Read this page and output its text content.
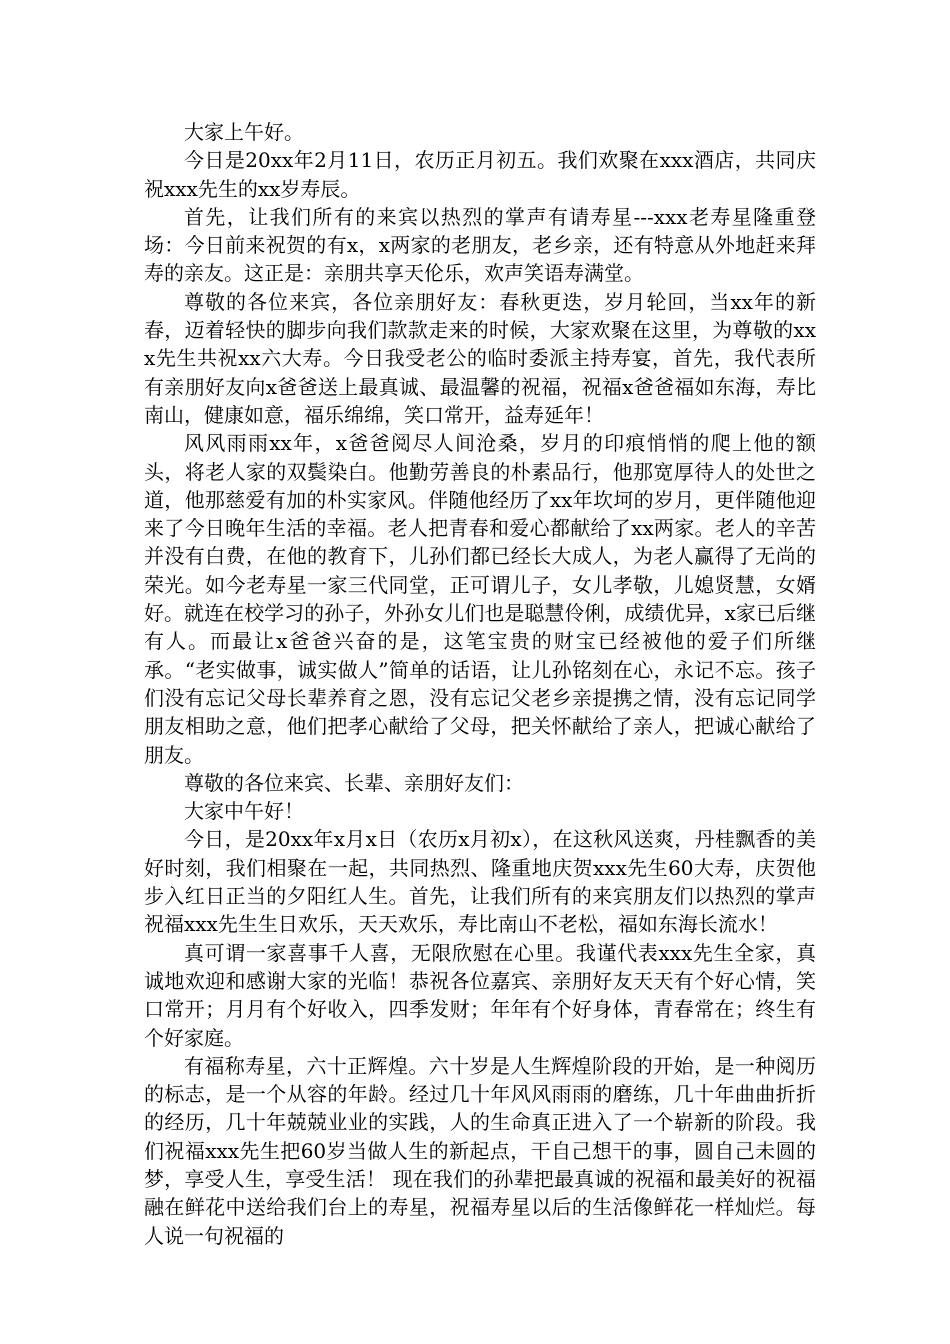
大家上午好。

今日是20xx年2月11日，农历正月初五。我们欢聚在xxx酒店，共同庆祝xxx先生的xx岁寿辰。

首先，让我们所有的来宾以热烈的掌声有请寿星---xxx老寿星隆重登场：今日前来祝贺的有x，x两家的老朋友，老乡亲，还有特意从外地赶来拜寿的亲友。这正是：亲朋共享天伦乐，欢声笑语寿满堂。

尊敬的各位来宾，各位亲朋好友：春秋更迭，岁月轮回，当xx年的新春，迈着轻快的脚步向我们款款走来的时候，大家欢聚在这里，为尊敬的xxx先生共祝xx六大寿。今日我受老公的临时委派主持寿宴，首先，我代表所有亲朋好友向x爸爸送上最真诚、最温馨的祝福，祝福x爸爸福如东海，寿比南山，健康如意，福乐绵绵，笑口常开，益寿延年！

风风雨雨xx年，x爸爸阅尽人间沧桑，岁月的印痕悄悄的爬上他的额头，将老人家的双鬓染白。他勤劳善良的朴素品行，他那宽厚待人的处世之道，他那慈爱有加的朴实家风。伴随他经历了xx年坎坷的岁月，更伴随他迎来了今日晚年生活的幸福。老人把青春和爱心都献给了xx两家。老人的辛苦并没有白费，在他的教育下，儿孙们都已经长大成人，为老人赢得了无尚的荣光。如今老寿星一家三代同堂，正可谓儿子，女儿孝敬，儿媳贤慧，女婿好。就连在校学习的孙子，外孙女儿们也是聪慧伶俐，成绩优异，x家已后继有人。而最让x爸爸兴奋的是，这笔宝贵的财宝已经被他的爱子们所继承。“老实做事，诚实做人”简单的话语，让儿孙铭刻在心，永记不忘。孩子们没有忘记父母长辈养育之恩，没有忘记父老乡亲提携之情，没有忘记同学朋友相助之意，他们把孝心献给了父母，把关怀献给了亲人，把诚心献给了朋友。

尊敬的各位来宾、长辈、亲朋好友们：

大家中午好！

今日，是20xx年x月x日（农历x月初x），在这秋风送爽，丹桂飘香的美好时刻，我们相聚在一起，共同热烈、隆重地庆贺xxx先生60大寿，庆贺他步入红日正当的夕阳红人生。首先，让我们所有的来宾朋友们以热烈的掌声祝福xxx先生生日欢乐，天天欢乐，寿比南山不老松，福如东海长流水！

真可谓一家喜事千人喜，无限欣慰在心里。我谨代表xxx先生全家，真诚地欢迎和感谢大家的光临！恭祝各位嘉宾、亲朋好友天天有个好心情，笑口常开；月月有个好收入，四季发财；年年有个好身体，青春常在；终生有个好家庭。

有福称寿星，六十正辉煌。六十岁是人生辉煌阶段的开始，是一种阅历的标志，是一个从容的年龄。经过几十年风风雨雨的磨练，几十年曲曲折折的经历，几十年兢兢业业的实践，人的生命真正进入了一个崭新的阶段。我们祝福xxx先生把60岁当做人生的新起点，干自己想干的事，圆自己未圆的梦，享受人生，享受生活！ 现在我们的孙辈把最真诚的祝福和最美好的祝福融在鲜花中送给我们台上的寿星，祝福寿星以后的生活像鲜花一样灿烂。每人说一句祝福的
